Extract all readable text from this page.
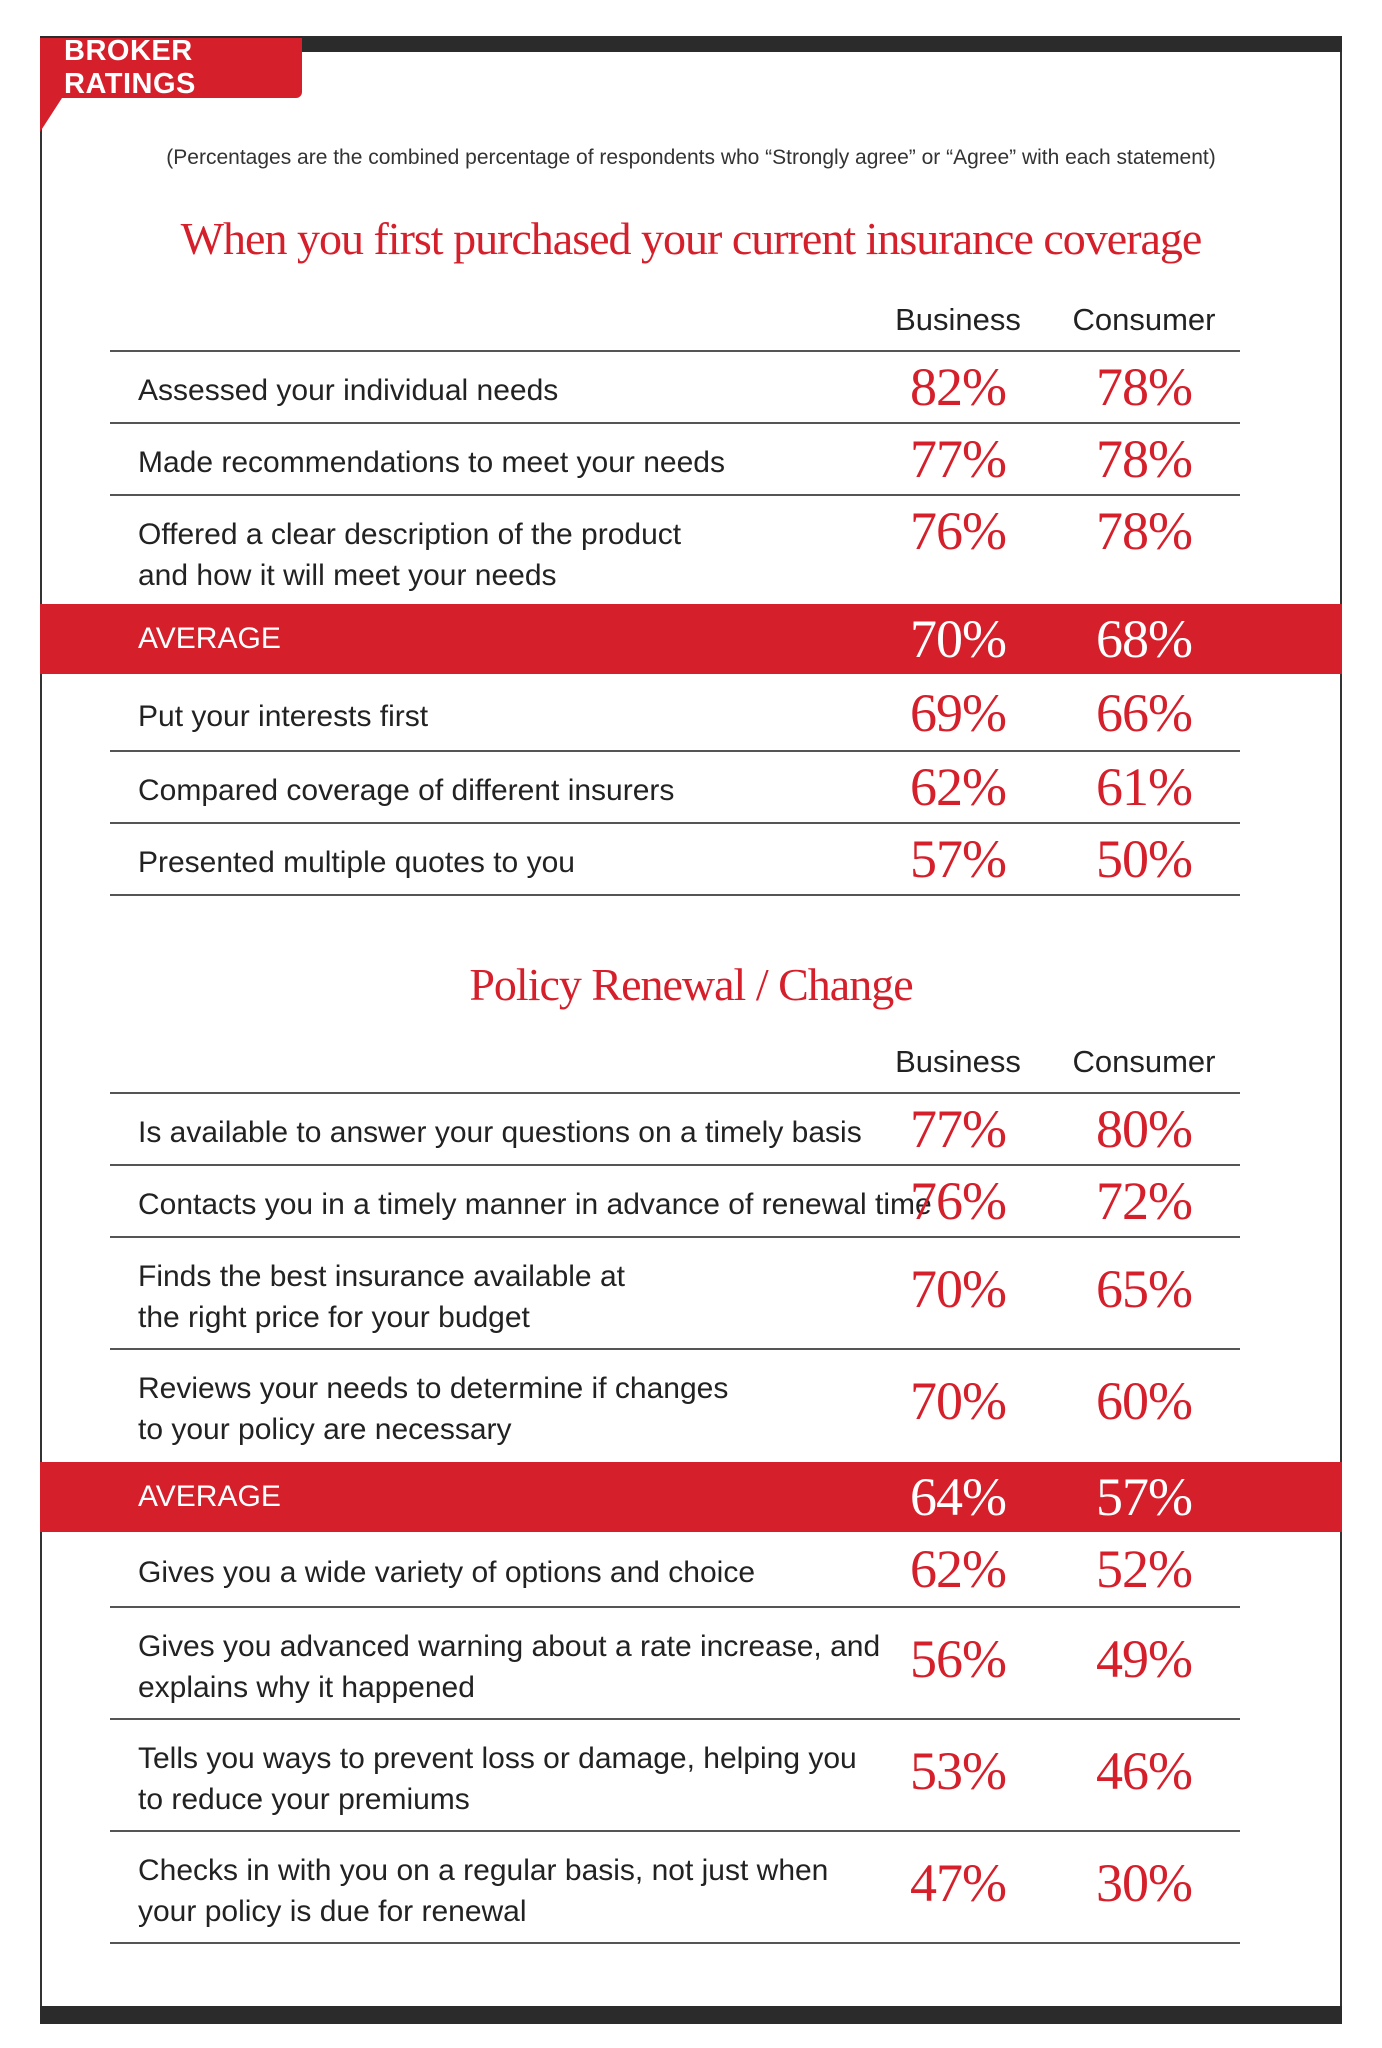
BROKER RATINGS
(Percentages are the combined percentage of respondents who “Strongly agree” or “Agree” with each statement)
When you first purchased your current insurance coverage
Business	Consumer
Assessed your individual needs	82%	78%
Made recommendations to meet your needs	77%	78%
Offered a clear description of the product
and how it will meet your needs
76%	78%
AVERAGE	70%	68%
Put your interests first	69%	66%
Compared coverage of different insurers	62%	61%
Presented multiple quotes to you	57%	50%
Policy Renewal / Change
Business	Consumer
Is available to answer your questions on a timely basis 77%	80%
Contacts you in a timely manner in advance of renewal time
76%	72%
Finds the best insurance available at
the right price for your budget	70%	65%
Reviews your needs to determine if changes
to your policy are necessary	70%	60%
AVERAGE	64%	57%
Gives you a wide variety of options and choice	62%	52%
Gives you advanced warning about a rate increase, and
explains why it happened	56%	49%
Tells you ways to prevent loss or damage, helping you
to reduce your premiums	53%	46%
Checks in with you on a regular basis, not just when
your policy is due for renewal	47%	30%
